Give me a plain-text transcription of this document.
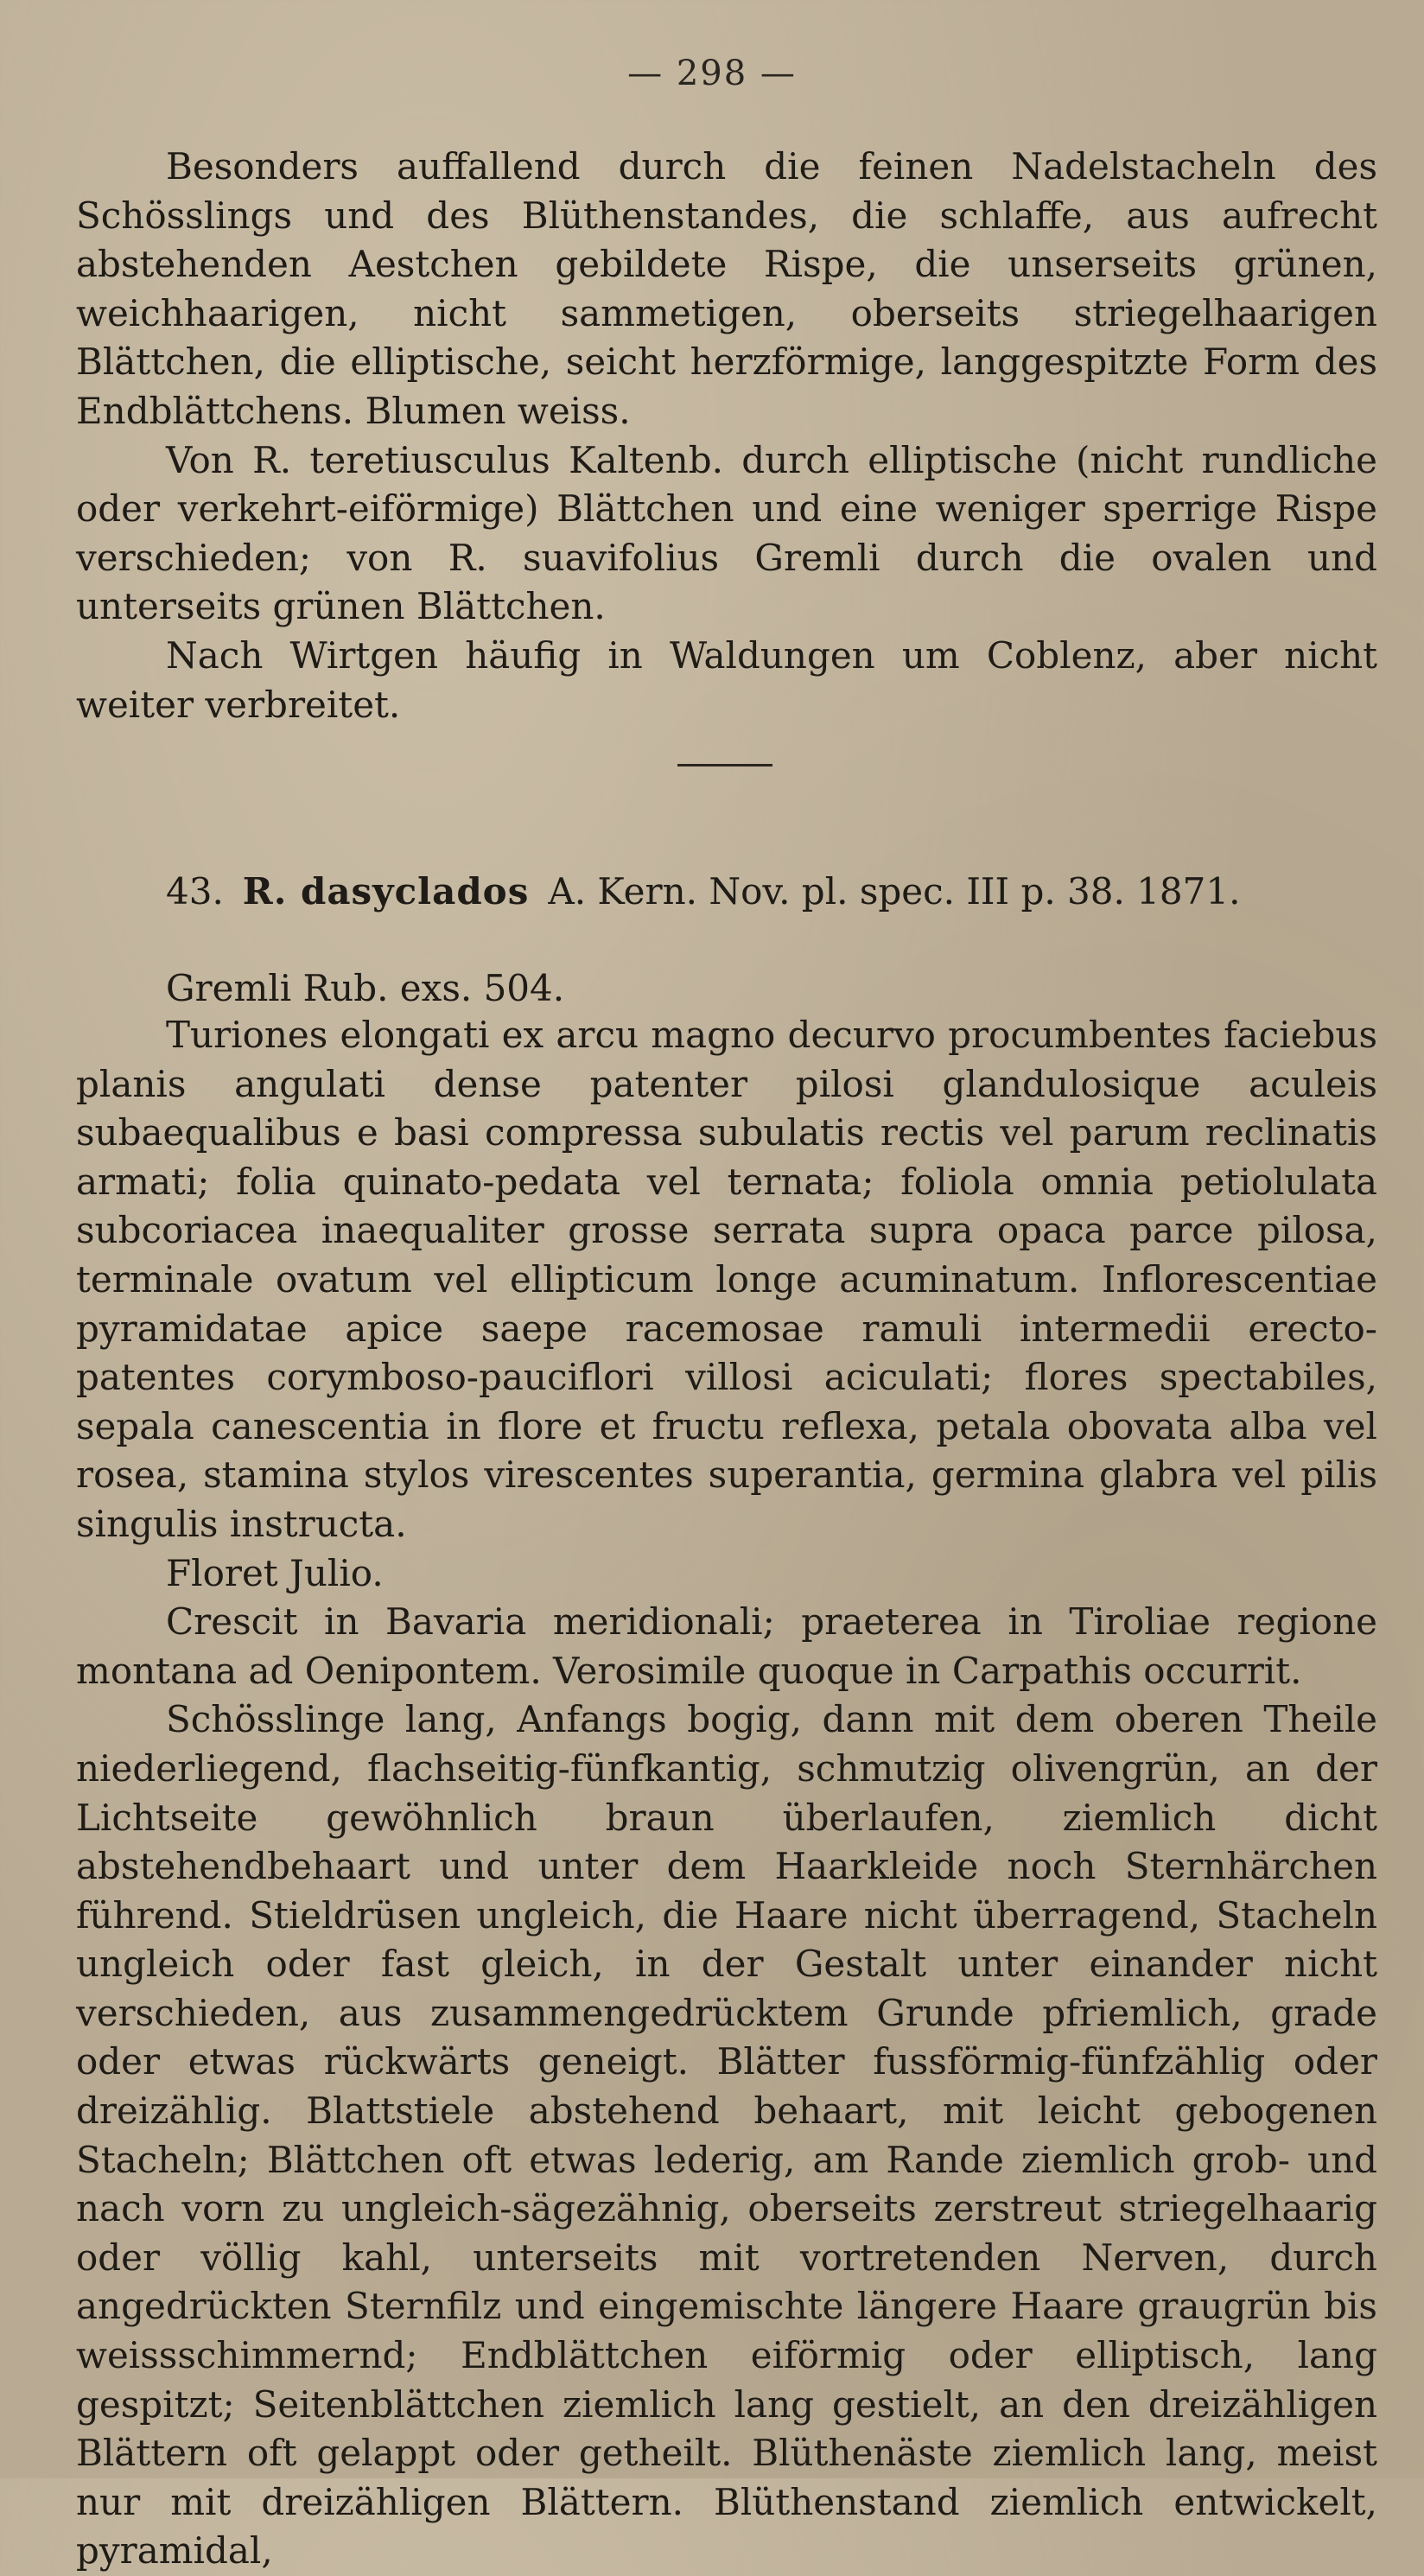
— 298 —

Besonders auffallend durch die feinen Nadelstacheln des Schösslings und des Blüthenstandes, die schlaffe, aus aufrecht abstehenden Aestchen gebildete Rispe, die unserseits grünen, weichhaarigen, nicht sammetigen, oberseits striegelhaarigen Blättchen, die elliptische, seicht herzförmige, langgespitzte Form des Endblättchens. Blumen weiss.

Von R. teretiusculus Kaltenb. durch elliptische (nicht rundliche oder verkehrt-eiförmige) Blättchen und eine weniger sperrige Rispe verschieden; von R. suavifolius Gremli durch die ovalen und unterseits grünen Blättchen.

Nach Wirtgen häufig in Waldungen um Coblenz, aber nicht weiter verbreitet.

43. R. dasyclados A. Kern. Nov. pl. spec. III p. 38. 1871.
Gremli Rub. exs. 504.

Turiones elongati ex arcu magno decurvo procumbentes faciebus planis angulati dense patenter pilosi glandulosique aculeis subaequalibus e basi compressa subulatis rectis vel parum reclinatis armati; folia quinato-pedata vel ternata; foliola omnia petiolulata subcoriacea inaequaliter grosse serrata supra opaca parce pilosa, terminale ovatum vel ellipticum longe acuminatum. Inflorescentiae pyramidatae apice saepe racemosae ramuli intermedii erecto-patentes corymboso-pauciflori villosi aciculati; flores spectabiles, sepala canescentia in flore et fructu reflexa, petala obovata alba vel rosea, stamina stylos virescentes superantia, germina glabra vel pilis singulis instructa.

Floret Julio.

Crescit in Bavaria meridionali; praeterea in Tiroliae regione montana ad Oenipontem. Verosimile quoque in Carpathis occurrit.

Schösslinge lang, Anfangs bogig, dann mit dem oberen Theile niederliegend, flachseitig-fünfkantig, schmutzig olivengrün, an der Lichtseite gewöhnlich braun überlaufen, ziemlich dicht abstehendbehaart und unter dem Haarkleide noch Sternhärchen führend. Stieldrüsen ungleich, die Haare nicht überragend, Stacheln ungleich oder fast gleich, in der Gestalt unter einander nicht verschieden, aus zusammengedrücktem Grunde pfriemlich, grade oder etwas rückwärts geneigt. Blätter fussförmig-fünfzählig oder dreizählig. Blattstiele abstehend behaart, mit leicht gebogenen Stacheln; Blättchen oft etwas lederig, am Rande ziemlich grob- und nach vorn zu ungleich-sägezähnig, oberseits zerstreut striegelhaarig oder völlig kahl, unterseits mit vortretenden Nerven, durch angedrückten Sternfilz und eingemischte längere Haare graugrün bis weissschimmernd; Endblättchen eiförmig oder elliptisch, lang gespitzt; Seitenblättchen ziemlich lang gestielt, an den dreizähligen Blättern oft gelappt oder getheilt. Blüthenäste ziemlich lang, meist nur mit dreizähligen Blättern. Blüthenstand ziemlich entwickelt, pyramidal,
